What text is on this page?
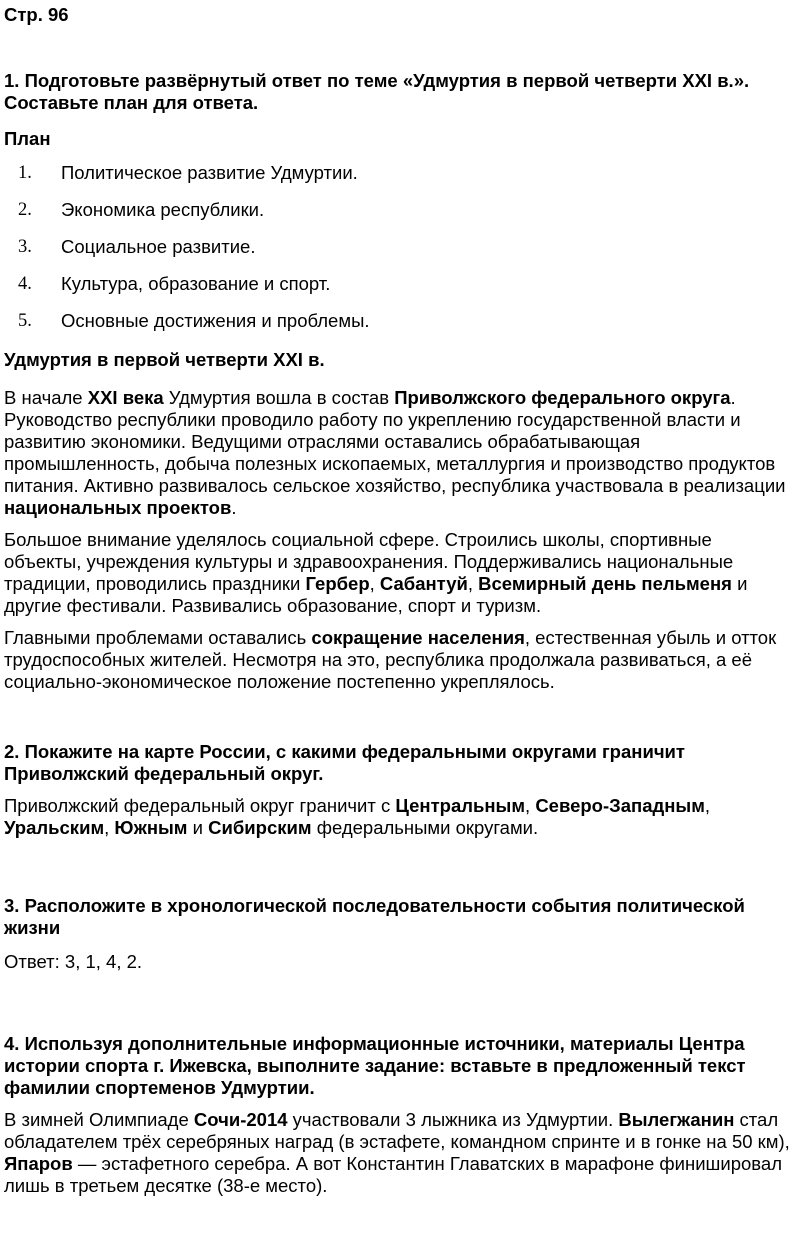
Стр. 96
1. Подготовьте развёрнутый ответ по теме «Удмуртия в первой четверти XXI в.». Составьте план для ответа.
План
1.	Политическое развитие Удмуртии.
2.	Экономика республики.
3.	Социальное развитие.
4.	Культура, образование и спорт.
5.	Основные достижения и проблемы.
Удмуртия в первой четверти XXI в.

В начале XXI века Удмуртия вошла в состав Приволжского федерального округа. Руководство республики проводило работу по укреплению государственной власти и развитию экономики. Ведущими отраслями оставались обрабатывающая промышленность, добыча полезных ископаемых, металлургия и производство продуктов питания. Активно развивалось сельское хозяйство, республика участвовала в реализации национальных проектов.

Большое внимание уделялось социальной сфере. Строились школы, спортивные объекты, учреждения культуры и здравоохранения. Поддерживались национальные традиции, проводились праздники Гербер, Сабантуй, Всемирный день пельменя и другие фестивали. Развивались образование, спорт и туризм.

Главными проблемами оставались сокращение населения, естественная убыль и отток трудоспособных жителей. Несмотря на это, республика продолжала развиваться, а её социально-экономическое положение постепенно укреплялось.

2. Покажите на карте России, с какими федеральными округами граничит Приволжский федеральный округ.

Приволжский федеральный округ граничит с Центральным, Северо-Западным, Уральским, Южным и Сибирским федеральными округами.

3. Расположите в хронологической последовательности события политической жизни

Ответ: 3, 1, 4, 2.

4. Используя дополнительные информационные источники, материалы Центра истории спорта г. Ижевска, выполните задание: вставьте в предложенный текст фамилии спортеменов Удмуртии.

В зимней Олимпиаде Сочи-2014 участвовали 3 лыжника из Удмуртии. Вылегжанин стал обладателем трёх серебряных наград (в эстафете, командном спринте и в гонке на 50 км), Япаров — эстафетного серебра. А вот Константин Главатских в марафоне финишировал лишь в третьем десятке (38-е место).
